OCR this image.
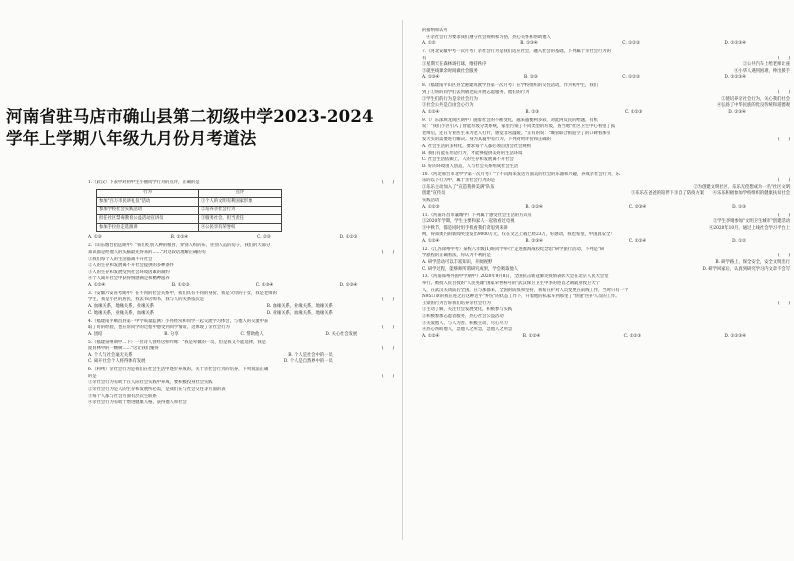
河南省驻马店市确山县第二初级中学2023-2024学年上学期八年级九月份月考道法
1.（武汉）下表中对初中生小丽同学行为的点评，正确的是	(　　)
行为	点评
参加"百万市民讲礼仪"活动	①个人的文明有利国家形象
参加学校社会实践活动	②培养亲社会行为
担任社区禁毒教育公益活动宣讲员	③服务社会，担当责任
参加手拉拉走选演讲	④公民享有荣誉权
A. ①③	B. ①②④	C. ②③	D. ①②③
2.（山东烟台招远期中）"我们吃别人种的粮食，穿别人织的布，住别人造的房子，我们的大部分
知识都是经他人的头脑最先得来的……"对这段话理解正确的有	(　　)
①我们每个人的生活都离不开社会
②人的生存和发展离不开社会提供的多种条件
③人的生存和发展受到社会环境因素的制约
④个人离开社会中获得情感满足和精神滋养
A. ①②④	B. ①②③	C. ①③④	D. ②③④
3.（安徽六安省考期中）在不同的社会关系中，我们具有不同的身份，我是父母的子女，我是老师的
学生，我是小区的居民，我去书店购书，我与人的关系依次是	(　　)
A. 血缘关系，地缘关系，业缘关系	B. 血缘关系，业缘关系，地缘关系
C. 地缘关系，业缘关系，血缘关系	D. 业缘关系，血缘关系，地缘关系
4.（福建南平顺昌县第一中学质量监测）小亮经常和同学一起交流学习体会，与他人的交流中获
取了好的经验，也在帮同学的过程中感受到同学情谊，这体现了亲社会行为	(　　)
A. 团结	B. 分享	C. 帮助他人	D. 关心社会发展
5.（福建泉州期中二下）一位诗人曾经这样吟咏："我是卑微的一员，但是我又不能选择，我是
庞育林中的一颗树……"这让我们懂得	(　　)
A. 个人与社会毫无关系	B. 个人是社会中的一员
C. 离开社会个人将得体有发展	D. 个人是自然界中的一员
6.（利州）亲社会行为是我们在社会生活中逐步养成的。关于亲社会行为的培养，下列说法正确
的是	(　　)
①亲社会行为有助于在人际社会实践中养成，要积极投身社会实践
②亲社会行为是人的生存和发展所必需，是我们在与社会交往等方面的表
③每个人都与社会方面有层次生联系
④亲社会行为有助于增进健康人格，获得他人和社会
的接纳和认可
　④亲社会行为要求我们遵守社会规则和习俗，热心关怀和帮助他人
A. ①②	B. ①③④	C. ①②③	D. ①②③④
7.（河北安徽中考一次月考）亲社会行为是我们适应社会，融入社会的基础，下列属于亲社会行为的
有	(　　)
①星期天在森林场打球，维持秩序	②公共汽车上给老师让座
③就坐线课余时间做社会服务	④小华人遇到困难，伸出援手
A. ②③④	B. ②③	C. ①②③	D. ①②③④
8.（福建南平山区县全港建筑教学县第一次月考）在学校组织的交往活动，作为初中生，我们
到了①班的同学们去到敬老院开展志愿服务，他们的行为	(　　)
①学生们的行为是亲社会行为	②使培养亲社会行为，关心我们社会
③社会公共是自由会心行为	④弘扬了中华民族的优良传统和道德观
A. ①②④	B. ①③	C. ①②③	D. ②③④
9.（广东深圳龙岗区期中）随着社会的不断变化，越来越便利多彩，对此阿反民的给题，有机
说："我们小区引入了智能垃圾分类系统，家里污染了不同类型的垃圾，查当地"社区卫生中心看望了孤
老师后，还在专业医生来为老人打针，感觉非常温暖，"正有的说："城管联合街道空了的口碑看那引
发大实的需要进行解决。身为其寝中有行为，下列对材评价和正确的	(　　)
A. 社会生活的多样化，要求每个人都必须首创会社会规则
B. 我们有能在坦适行为，才能够提供美好的生活环境
C. 社会生活依赖上，人的生存和发展离不开社会
D. 好的环境由人创造，人与社会关系组成社会生活
10.（河北邢台市北中学第一次月考）"宁不向海来发达方面美的社会的乐器和兴趣，养成亲社会行为，乐
乐的以下行为中，属于亲社会行为的是	(　　)
①乐乐主动加入了"宣造我拼美满"队伍	②为创建文明社区，乐乐无偿想成为一名"社区文明
创建"宣传员	③乐乐在爸爸的陪伴下亲自了防疫方案　　④乐乐积极参加学校组织的健康扶贫社会
实践活动
A. ①②③	B. ①②④	C. ②③④	D. ①③
11.（河南许昌市襄城中）下列属于感受社会生活的方式有	(　　)
①2020年学期，学生主要和家人一起收看过电视	②学生李婧参加"文明卫生城市"创建活动
③中秋节，都是同时用手机看我们奇思到来讲	④2020年10月，通过上线社会学习平台上
网，得知奥内的新闻奖里发出9000万元，仅在文艺上载已经23万，好感动，我也希望，中国真安全！
A. ①②④	B. ②③④	C. ①②④	D. ①②
12.（江苏徐州中考）某校八年级(1)班同学举行"走进淮海战役纪念馆"研学旅行活动。下列是"研
学旅程的正确看法，你认为不利的是	(　　)
A. 研学活动可以丰富知识，开阔视野	B. 研学路上，保全安全，安全文明出行
C. 研学过程，能够师所谓研究成果，学会吸取他人	D. 研学回家后，认真到研究学习内文章不会写
13.（河南郑州外国中学期中）2020年9月8日，全国抗击新冠肺炎疫情表彰大会在北京人民大会堂
举行。被授人民目授的"人民英雄"国家荣誉称号的"武汉保卫卫生中李的进首之期就业授卫大宁
人，在武汉关闭前后全国，在与那都来，全国的防疫和坚持，我希在护对人员变更在前线工作，当时只有一个
N95口罩的我在进之后这种近乎"弃伤"的状态工作下，开着他的私家车到那里了"快递"医护人员的工作。
王梁的行为告诉我们培养亲社会行为	(　　)
①主动了解，关注社会发展变化，积极参与实践
②积极参加志愿者服务，热心社会公益活动
③关爱他人，与人为善，积极主动，尽心尽力
④热心帮助他人，急他人之所急，急他人之所急
A. ①②④	B. ①②④	C. ①②③	D. ①②③④
